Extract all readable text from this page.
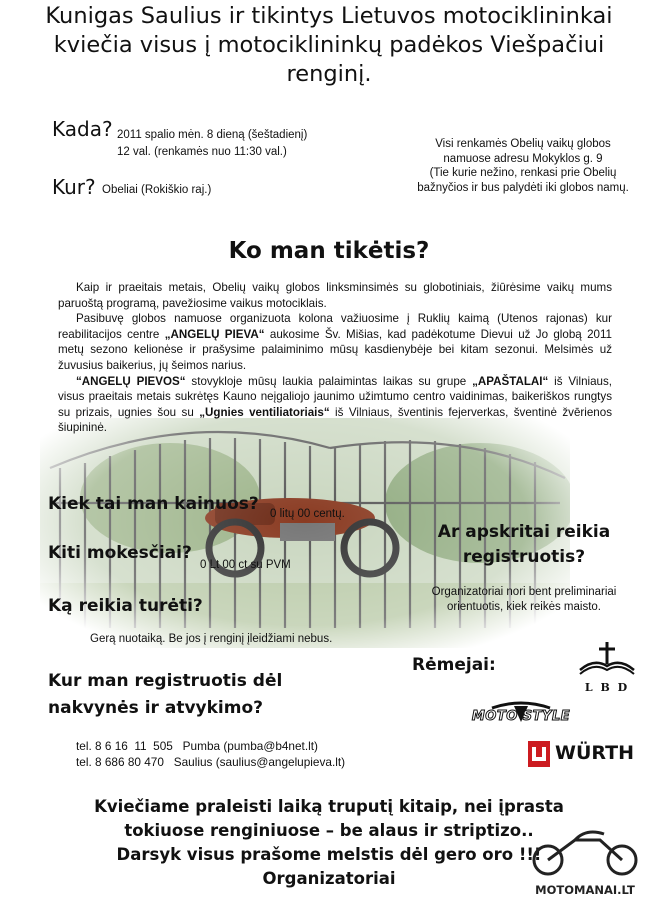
Kunigas Saulius ir tikintys Lietuvos motociklininkai
kviečia visus į motociklininkų padėkos Viešpačiui
renginį.
Kada? 2011 spalio mėn. 8 dieną (šeštadienį)
12 val. (renkamės nuo 11:30 val.)
Kur? Obeliai (Rokiškio raj.)
Visi renkamės Obelių vaikų globos
namuose adresu Mokyklos g. 9
(Tie kurie nežino, renkasi prie Obelių
bažnyčios ir bus palydėti iki globos namų.
Ko man tikėtis?

Kaip ir praeitais metais, Obelių vaikų globos linksminsimės su globotiniais, žiūrėsime vaikų mums paruoštą programą, pavežiosime vaikus motociklais.

Pasibuvę globos namuose organizuota kolona važiuosime į Ruklių kaimą (Utenos rajonas) kur reabilitacijos centre „ANGELŲ PIEVA“ aukosime Šv. Mišias, kad padėkotume Dievui už Jo globą 2011 metų sezono kelionėse ir prašysime palaiminimo mūsų kasdienybėje bei kitam sezonui. Melsimės už žuvusius baikerius, jų šeimos narius.

“ANGELŲ PIEVOS“ stovykloje mūsų laukia palaimintas laikas su grupe „APAŠTALAI“ iš Vilniaus, visus praeitais metais sukrėtęs Kauno neįgaliojo jaunimo užimtumo centro vaidinimas, baikeriškos rungtys su prizais, ugnies šou su „Ugnies ventiliatoriais“ iš Vilniaus, šventinis fejerverkas, šventinė žvērienos šiupininė.

Kiek tai man kainuos? 0 litų 00 centų.
Kiti mokesčiai?
0 Lt 00 ct su PVM
Ką reikia turėti?
Gerą nuotaiką. Be jos į renginį įleidžiami nebus.
Ar apskritai reikia
registruotis?
Organizatoriai nori bent preliminariai
orientuotis, kiek reikės maisto.
Kur man registruotis dėl
nakvynės ir atvykimo?
tel. 8 6 16  11  505   Pumba (pumba@b4net.lt)
tel. 8 686 80 470   Saulius (saulius@angelupieva.lt)
Rėmejai:
L B D
MOTO STYLE
WÜRTH
Kviečiame praleisti laiką truputį kitaip, nei įprasta
tokiuose renginiuose – be alaus ir striptizo..
Darsyk visus prašome melstis dėl gero oro !!!
Organizatoriai
MOTOMANAI.LT
